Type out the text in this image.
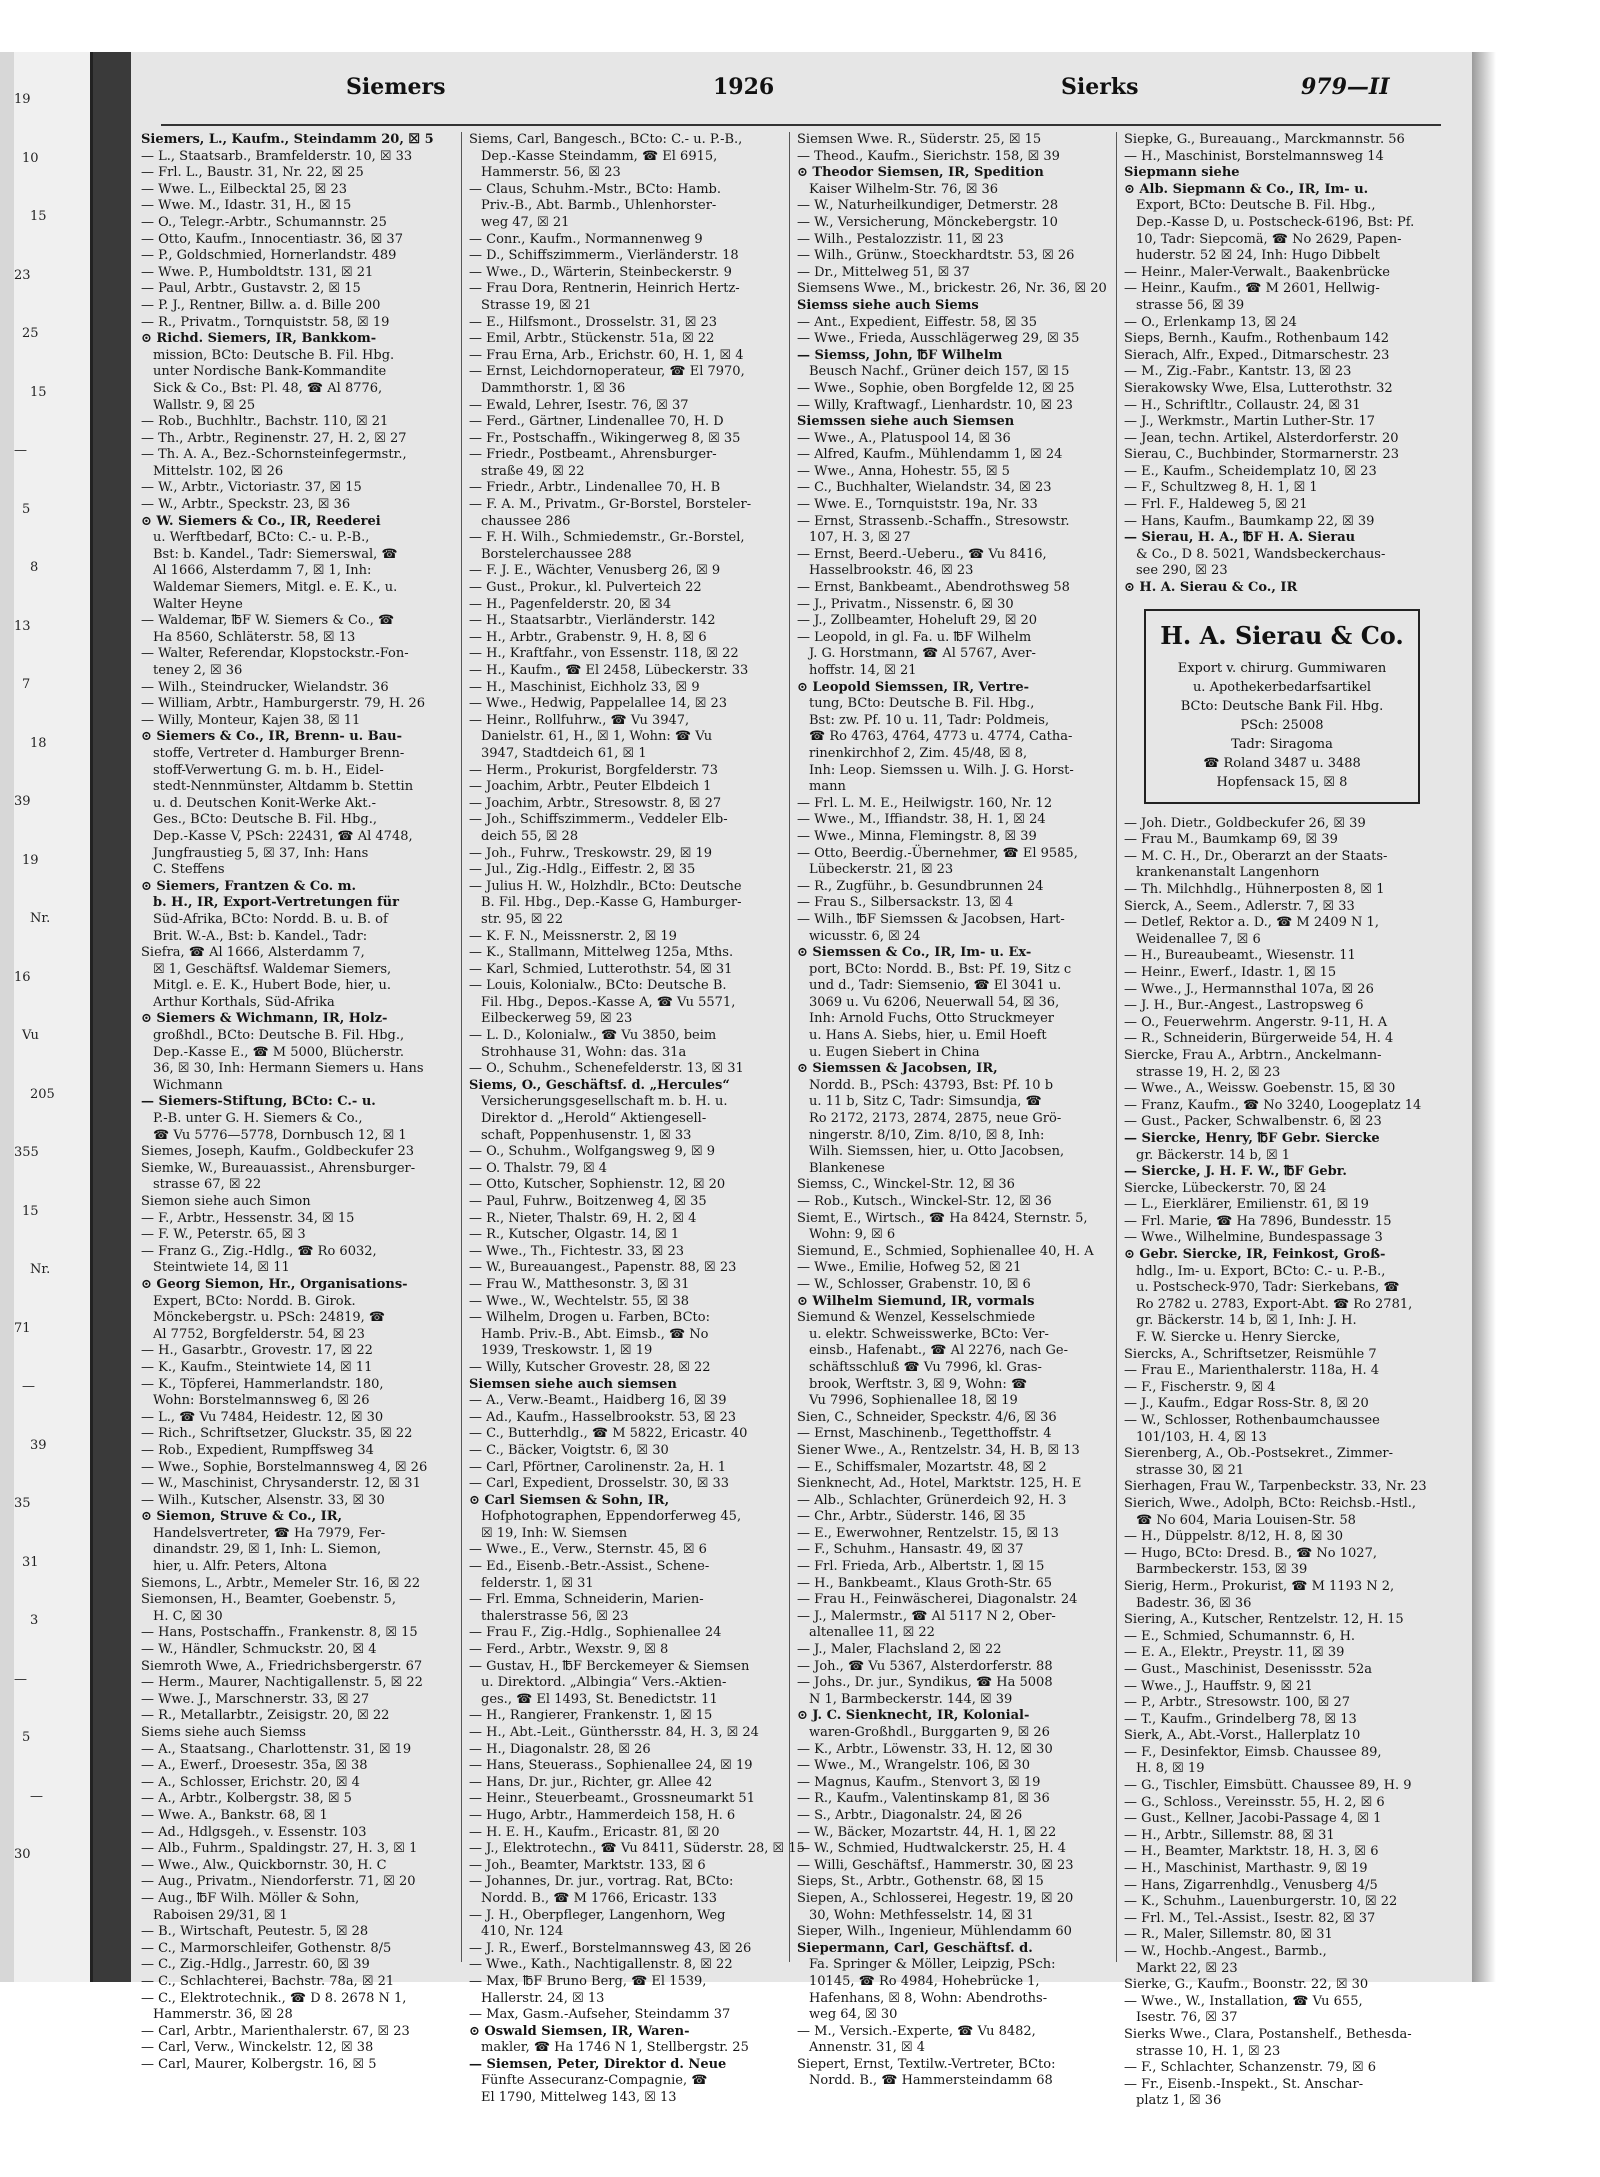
19
10
15
23
25
15
—
5
8
13
7
18
39
19
Nr.
16
Vu
205
355
15
Nr.
71
—
39
35
31
3
—
5
—
30
Siemers	1926	Sierks	979—II
Siemers, L., Kaufm., Steindamm 20, ☒ 5
— L., Staatsarb., Bramfelderstr. 10, ☒ 33
— Frl. L., Baustr. 31, Nr. 22, ☒ 25
— Wwe. L., Eilbecktal 25, ☒ 23
— Wwe. M., Idastr. 31, H., ☒ 15
— O., Telegr.-Arbtr., Schumannstr. 25
— Otto, Kaufm., Innocentiastr. 36, ☒ 37
— P., Goldschmied, Hornerlandstr. 489
— Wwe. P., Humboldtstr. 131, ☒ 21
— Paul, Arbtr., Gustavstr. 2, ☒ 15
— P. J., Rentner, Billw. a. d. Bille 200
— R., Privatm., Tornquiststr. 58, ☒ 19
⊙ Richd. Siemers, IR, Bankkom-
mission, BCto: Deutsche B. Fil. Hbg.
unter Nordische Bank-Kommandite
Sick & Co., Bst: Pl. 48, ☎ Al 8776,
Wallstr. 9, ☒ 25
— Rob., Buchhltr., Bachstr. 110, ☒ 21
— Th., Arbtr., Reginenstr. 27, H. 2, ☒ 27
— Th. A. A., Bez.-Schornsteinfegermstr.,
Mittelstr. 102, ☒ 26
— W., Arbtr., Victoriastr. 37, ☒ 15
— W., Arbtr., Speckstr. 23, ☒ 36
⊙ W. Siemers & Co., IR, Reederei
u. Werftbedarf, BCto: C.- u. P.-B.,
Bst: b. Kandel., Tadr: Siemerswal, ☎
Al 1666, Alsterdamm 7, ☒ 1, Inh:
Waldemar Siemers, Mitgl. e. E. K., u.
Walter Heyne
— Waldemar, ℔F W. Siemers & Co., ☎
Ha 8560, Schläterstr. 58, ☒ 13
— Walter, Referendar, Klopstockstr.-Fon-
teney 2, ☒ 36
— Wilh., Steindrucker, Wielandstr. 36
— William, Arbtr., Hamburgerstr. 79, H. 26
— Willy, Monteur, Kajen 38, ☒ 11
⊙ Siemers & Co., IR, Brenn- u. Bau-
stoffe, Vertreter d. Hamburger Brenn-
stoff-Verwertung G. m. b. H., Eidel-
stedt-Nennmünster, Altdamm b. Stettin
u. d. Deutschen Konit-Werke Akt.-
Ges., BCto: Deutsche B. Fil. Hbg.,
Dep.-Kasse V, PSch: 22431, ☎ Al 4748,
Jungfraustieg 5, ☒ 37, Inh: Hans
C. Steffens
⊙ Siemers, Frantzen & Co. m.
b. H., IR, Export-Vertretungen für
Süd-Afrika, BCto: Nordd. B. u. B. of
Brit. W.-A., Bst: b. Kandel., Tadr:
Siefra, ☎ Al 1666, Alsterdamm 7,
☒ 1, Geschäftsf. Waldemar Siemers,
Mitgl. e. E. K., Hubert Bode, hier, u.
Arthur Korthals, Süd-Afrika
⊙ Siemers & Wichmann, IR, Holz-
großhdl., BCto: Deutsche B. Fil. Hbg.,
Dep.-Kasse E., ☎ M 5000, Blücherstr.
36, ☒ 30, Inh: Hermann Siemers u. Hans
Wichmann
— Siemers-Stiftung, BCto: C.- u.
P.-B. unter G. H. Siemers & Co.,
☎ Vu 5776—5778, Dornbusch 12, ☒ 1
Siemes, Joseph, Kaufm., Goldbeckufer 23
Siemke, W., Bureauassist., Ahrensburger-
strasse 67, ☒ 22
Siemon siehe auch Simon
— F., Arbtr., Hessenstr. 34, ☒ 15
— F. W., Peterstr. 65, ☒ 3
— Franz G., Zig.-Hdlg., ☎ Ro 6032,
Steintwiete 14, ☒ 11
⊙ Georg Siemon, Hr., Organisations-
Expert, BCto: Nordd. B. Girok.
Mönckebergstr. u. PSch: 24819, ☎
Al 7752, Borgfelderstr. 54, ☒ 23
— H., Gasarbtr., Grovestr. 17, ☒ 22
— K., Kaufm., Steintwiete 14, ☒ 11
— K., Töpferei, Hammerlandstr. 180,
Wohn: Borstelmannsweg 6, ☒ 26
— L., ☎ Vu 7484, Heidestr. 12, ☒ 30
— Rich., Schriftsetzer, Gluckstr. 35, ☒ 22
— Rob., Expedient, Rumpffsweg 34
— Wwe., Sophie, Borstelmannsweg 4, ☒ 26
— W., Maschinist, Chrysanderstr. 12, ☒ 31
— Wilh., Kutscher, Alsenstr. 33, ☒ 30
⊙ Siemon, Struve & Co., IR,
Handelsvertreter, ☎ Ha 7979, Fer-
dinandstr. 29, ☒ 1, Inh: L. Siemon,
hier, u. Alfr. Peters, Altona
Siemons, L., Arbtr., Memeler Str. 16, ☒ 22
Siemonsen, H., Beamter, Goebenstr. 5,
H. C, ☒ 30
— Hans, Postschaffn., Frankenstr. 8, ☒ 15
— W., Händler, Schmuckstr. 20, ☒ 4
Siemroth Wwe, A., Friedrichsbergerstr. 67
— Herm., Maurer, Nachtigallenstr. 5, ☒ 22
— Wwe. J., Marschnerstr. 33, ☒ 27
— R., Metallarbtr., Zeisigstr. 20, ☒ 22
Siems siehe auch Siemss
— A., Staatsang., Charlottenstr. 31, ☒ 19
— A., Ewerf., Droesestr. 35a, ☒ 38
— A., Schlosser, Erichstr. 20, ☒ 4
— A., Arbtr., Kolbergstr. 38, ☒ 5
— Wwe. A., Bankstr. 68, ☒ 1
— Ad., Hdlgsgeh., v. Essenstr. 103
— Alb., Fuhrm., Spaldingstr. 27, H. 3, ☒ 1
— Wwe., Alw., Quickbornstr. 30, H. C
— Aug., Privatm., Niendorferstr. 71, ☒ 20
— Aug., ℔F Wilh. Möller & Sohn,
Raboisen 29/31, ☒ 1
— B., Wirtschaft, Peutestr. 5, ☒ 28
— C., Marmorschleifer, Gothenstr. 8/5
— C., Zig.-Hdlg., Jarrestr. 60, ☒ 39
— C., Schlachterei, Bachstr. 78a, ☒ 21
— C., Elektrotechnik., ☎ D 8. 2678 N 1,
Hammerstr. 36, ☒ 28
— Carl, Arbtr., Marienthalerstr. 67, ☒ 23
— Carl, Verw., Winckelstr. 12, ☒ 38
— Carl, Maurer, Kolbergstr. 16, ☒ 5
Siems, Carl, Bangesch., BCto: C.- u. P.-B.,
Dep.-Kasse Steindamm, ☎ El 6915,
Hammerstr. 56, ☒ 23
— Claus, Schuhm.-Mstr., BCto: Hamb.
Priv.-B., Abt. Barmb., Uhlenhorster-
weg 47, ☒ 21
— Conr., Kaufm., Normannenweg 9
— D., Schiffszimmerm., Vierländerstr. 18
— Wwe., D., Wärterin, Steinbeckerstr. 9
— Frau Dora, Rentnerin, Heinrich Hertz-
Strasse 19, ☒ 21
— E., Hilfsmont., Drosselstr. 31, ☒ 23
— Emil, Arbtr., Stückenstr. 51a, ☒ 22
— Frau Erna, Arb., Erichstr. 60, H. 1, ☒ 4
— Ernst, Leichdornoperateur, ☎ El 7970,
Dammthorstr. 1, ☒ 36
— Ewald, Lehrer, Isestr. 76, ☒ 37
— Ferd., Gärtner, Lindenallee 70, H. D
— Fr., Postschaffn., Wikingerweg 8, ☒ 35
— Friedr., Postbeamt., Ahrensburger-
straße 49, ☒ 22
— Friedr., Arbtr., Lindenallee 70, H. B
— F. A. M., Privatm., Gr-Borstel, Borsteler-
chaussee 286
— F. H. Wilh., Schmiedemstr., Gr.-Borstel,
Borstelerchaussee 288
— F. J. E., Wächter, Venusberg 26, ☒ 9
— Gust., Prokur., kl. Pulverteich 22
— H., Pagenfelderstr. 20, ☒ 34
— H., Staatsarbtr., Vierländerstr. 142
— H., Arbtr., Grabenstr. 9, H. 8, ☒ 6
— H., Kraftfahr., von Essenstr. 118, ☒ 22
— H., Kaufm., ☎ El 2458, Lübeckerstr. 33
— H., Maschinist, Eichholz 33, ☒ 9
— Wwe., Hedwig, Pappelallee 14, ☒ 23
— Heinr., Rollfuhrw., ☎ Vu 3947,
Danielstr. 61, H., ☒ 1, Wohn: ☎ Vu
3947, Stadtdeich 61, ☒ 1
— Herm., Prokurist, Borgfelderstr. 73
— Joachim, Arbtr., Peuter Elbdeich 1
— Joachim, Arbtr., Stresowstr. 8, ☒ 27
— Joh., Schiffszimmerm., Veddeler Elb-
deich 55, ☒ 28
— Joh., Fuhrw., Treskowstr. 29, ☒ 19
— Jul., Zig.-Hdlg., Eiffestr. 2, ☒ 35
— Julius H. W., Holzhdlr., BCto: Deutsche
B. Fil. Hbg., Dep.-Kasse G, Hamburger-
str. 95, ☒ 22
— K. F. N., Meissnerstr. 2, ☒ 19
— K., Stallmann, Mittelweg 125a, Mths.
— Karl, Schmied, Lutterothstr. 54, ☒ 31
— Louis, Kolonialw., BCto: Deutsche B.
Fil. Hbg., Depos.-Kasse A, ☎ Vu 5571,
Eilbeckerweg 59, ☒ 23
— L. D., Kolonialw., ☎ Vu 3850, beim
Strohhause 31, Wohn: das. 31a
— O., Schuhm., Schenefelderstr. 13, ☒ 31
Siems, O., Geschäftsf. d. „Hercules“
Versicherungsgesellschaft m. b. H. u.
Direktor d. „Herold“ Aktiengesell-
schaft, Poppenhusenstr. 1, ☒ 33
— O., Schuhm., Wolfgangsweg 9, ☒ 9
— O. Thalstr. 79, ☒ 4
— Otto, Kutscher, Sophienstr. 12, ☒ 20
— Paul, Fuhrw., Boitzenweg 4, ☒ 35
— R., Nieter, Thalstr. 69, H. 2, ☒ 4
— R., Kutscher, Olgastr. 14, ☒ 1
— Wwe., Th., Fichtestr. 33, ☒ 23
— W., Bureauangest., Papenstr. 88, ☒ 23
— Frau W., Matthesonstr. 3, ☒ 31
— Wwe., W., Wechtelstr. 55, ☒ 38
— Wilhelm, Drogen u. Farben, BCto:
Hamb. Priv.-B., Abt. Eimsb., ☎ No
1939, Treskowstr. 1, ☒ 19
— Willy, Kutscher Grovestr. 28, ☒ 22
Siemsen siehe auch siemsen
— A., Verw.-Beamt., Haidberg 16, ☒ 39
— Ad., Kaufm., Hasselbrookstr. 53, ☒ 23
— C., Butterhdlg., ☎ M 5822, Ericastr. 40
— C., Bäcker, Voigtstr. 6, ☒ 30
— Carl, Pförtner, Carolinenstr. 2a, H. 1
— Carl, Expedient, Drosselstr. 30, ☒ 33
⊙ Carl Siemsen & Sohn, IR,
Hofphotographen, Eppendorferweg 45,
☒ 19, Inh: W. Siemsen
— Wwe., E., Verw., Sternstr. 45, ☒ 6
— Ed., Eisenb.-Betr.-Assist., Schene-
felderstr. 1, ☒ 31
— Frl. Emma, Schneiderin, Marien-
thalerstrasse 56, ☒ 23
— Frau F., Zig.-Hdlg., Sophienallee 24
— Ferd., Arbtr., Wexstr. 9, ☒ 8
— Gustav, H., ℔F Berckemeyer & Siemsen
u. Direktord. „Albingia“ Vers.-Aktien-
ges., ☎ El 1493, St. Benedictstr. 11
— H., Rangierer, Frankenstr. 1, ☒ 15
— H., Abt.-Leit., Günthersstr. 84, H. 3, ☒ 24
— H., Diagonalstr. 28, ☒ 26
— Hans, Steuerass., Sophienallee 24, ☒ 19
— Hans, Dr. jur., Richter, gr. Allee 42
— Heinr., Steuerbeamt., Grossneumarkt 51
— Hugo, Arbtr., Hammerdeich 158, H. 6
— H. E. H., Kaufm., Ericastr. 81, ☒ 20
— J., Elektrotechn., ☎ Vu 8411, Süderstr. 28, ☒ 15
— Joh., Beamter, Marktstr. 133, ☒ 6
— Johannes, Dr. jur., vortrag. Rat, BCto:
Nordd. B., ☎ M 1766, Ericastr. 133
— J. H., Oberpfleger, Langenhorn, Weg
410, Nr. 124
— J. R., Ewerf., Borstelmannsweg 43, ☒ 26
— Wwe., Kath., Nachtigallenstr. 8, ☒ 22
— Max, ℔F Bruno Berg, ☎ El 1539,
Hallerstr. 24, ☒ 13
— Max, Gasm.-Aufseher, Steindamm 37
⊙ Oswald Siemsen, IR, Waren-
makler, ☎ Ha 1746 N 1, Stellbergstr. 25
— Siemsen, Peter, Direktor d. Neue
Fünfte Assecuranz-Compagnie, ☎
El 1790, Mittelweg 143, ☒ 13
Siemsen Wwe. R., Süderstr. 25, ☒ 15
— Theod., Kaufm., Sierichstr. 158, ☒ 39
⊙ Theodor Siemsen, IR, Spedition
Kaiser Wilhelm-Str. 76, ☒ 36
— W., Naturheilkundiger, Detmerstr. 28
— W., Versicherung, Mönckebergstr. 10
— Wilh., Pestalozzistr. 11, ☒ 23
— Wilh., Grünw., Stoeckhardtstr. 53, ☒ 26
— Dr., Mittelweg 51, ☒ 37
Siemsens Wwe., M., brickestr. 26, Nr. 36, ☒ 20
Siemss siehe auch Siems
— Ant., Expedient, Eiffestr. 58, ☒ 35
— Wwe., Frieda, Ausschlägerweg 29, ☒ 35
— Siemss, John, ℔F Wilhelm
Beusch Nachf., Grüner deich 157, ☒ 15
— Wwe., Sophie, oben Borgfelde 12, ☒ 25
— Willy, Kraftwagf., Lienhardstr. 10, ☒ 23
Siemssen siehe auch Siemsen
— Wwe., A., Platuspool 14, ☒ 36
— Alfred, Kaufm., Mühlendamm 1, ☒ 24
— Wwe., Anna, Hohestr. 55, ☒ 5
— C., Buchhalter, Wielandstr. 34, ☒ 23
— Wwe. E., Tornquiststr. 19a, Nr. 33
— Ernst, Strassenb.-Schaffn., Stresowstr.
107, H. 3, ☒ 27
— Ernst, Beerd.-Ueberu., ☎ Vu 8416,
Hasselbrookstr. 46, ☒ 23
— Ernst, Bankbeamt., Abendrothsweg 58
— J., Privatm., Nissenstr. 6, ☒ 30
— J., Zollbeamter, Hoheluft 29, ☒ 20
— Leopold, in gl. Fa. u. ℔F Wilhelm
J. G. Horstmann, ☎ Al 5767, Aver-
hoffstr. 14, ☒ 21
⊙ Leopold Siemssen, IR, Vertre-
tung, BCto: Deutsche B. Fil. Hbg.,
Bst: zw. Pf. 10 u. 11, Tadr: Poldmeis,
☎ Ro 4763, 4764, 4773 u. 4774, Catha-
rinenkirchhof 2, Zim. 45/48, ☒ 8,
Inh: Leop. Siemssen u. Wilh. J. G. Horst-
mann
— Frl. L. M. E., Heilwigstr. 160, Nr. 12
— Wwe., M., Iffiandstr. 38, H. 1, ☒ 24
— Wwe., Minna, Flemingstr. 8, ☒ 39
— Otto, Beerdig.-Übernehmer, ☎ El 9585,
Lübeckerstr. 21, ☒ 23
— R., Zugführ., b. Gesundbrunnen 24
— Frau S., Silbersackstr. 13, ☒ 4
— Wilh., ℔F Siemssen & Jacobsen, Hart-
wicusstr. 6, ☒ 24
⊙ Siemssen & Co., IR, Im- u. Ex-
port, BCto: Nordd. B., Bst: Pf. 19, Sitz c
und d., Tadr: Siemsenio, ☎ El 3041 u.
3069 u. Vu 6206, Neuerwall 54, ☒ 36,
Inh: Arnold Fuchs, Otto Struckmeyer
u. Hans A. Siebs, hier, u. Emil Hoeft
u. Eugen Siebert in China
⊙ Siemssen & Jacobsen, IR,
Nordd. B., PSch: 43793, Bst: Pf. 10 b
u. 11 b, Sitz C, Tadr: Simsundja, ☎
Ro 2172, 2173, 2874, 2875, neue Grö-
ningerstr. 8/10, Zim. 8/10, ☒ 8, Inh:
Wilh. Siemssen, hier, u. Otto Jacobsen,
Blankenese
Siemss, C., Winckel-Str. 12, ☒ 36
— Rob., Kutsch., Winckel-Str. 12, ☒ 36
Siemt, E., Wirtsch., ☎ Ha 8424, Sternstr. 5,
Wohn: 9, ☒ 6
Siemund, E., Schmied, Sophienallee 40, H. A
— Wwe., Emilie, Hofweg 52, ☒ 21
— W., Schlosser, Grabenstr. 10, ☒ 6
⊙ Wilhelm Siemund, IR, vormals
Siemund & Wenzel, Kesselschmiede
u. elektr. Schweisswerke, BCto: Ver-
einsb., Hafenabt., ☎ Al 2276, nach Ge-
schäftsschluß ☎ Vu 7996, kl. Gras-
brook, Werftstr. 3, ☒ 9, Wohn: ☎
Vu 7996, Sophienallee 18, ☒ 19
Sien, C., Schneider, Speckstr. 4/6, ☒ 36
— Ernst, Maschinenb., Tegetthoffstr. 4
Siener Wwe., A., Rentzelstr. 34, H. B, ☒ 13
— E., Schiffsmaler, Mozartstr. 48, ☒ 2
Sienknecht, Ad., Hotel, Marktstr. 125, H. E
— Alb., Schlachter, Grünerdeich 92, H. 3
— Chr., Arbtr., Süderstr. 146, ☒ 35
— E., Ewerwohner, Rentzelstr. 15, ☒ 13
— F., Schuhm., Hansastr. 49, ☒ 37
— Frl. Frieda, Arb., Albertstr. 1, ☒ 15
— H., Bankbeamt., Klaus Groth-Str. 65
— Frau H., Feinwäscherei, Diagonalstr. 24
— J., Malermstr., ☎ Al 5117 N 2, Ober-
altenallee 11, ☒ 22
— J., Maler, Flachsland 2, ☒ 22
— Joh., ☎ Vu 5367, Alsterdorferstr. 88
— Johs., Dr. jur., Syndikus, ☎ Ha 5008
N 1, Barmbeckerstr. 144, ☒ 39
⊙ J. C. Sienknecht, IR, Kolonial-
waren-Großhdl., Burggarten 9, ☒ 26
— K., Arbtr., Löwenstr. 33, H. 12, ☒ 30
— Wwe., M., Wrangelstr. 106, ☒ 30
— Magnus, Kaufm., Stenvort 3, ☒ 19
— R., Kaufm., Valentinskamp 81, ☒ 36
— S., Arbtr., Diagonalstr. 24, ☒ 26
— W., Bäcker, Mozartstr. 44, H. 1, ☒ 22
— W., Schmied, Hudtwalckerstr. 25, H. 4
— Willi, Geschäftsf., Hammerstr. 30, ☒ 23
Sieps, St., Arbtr., Gothenstr. 68, ☒ 15
Siepen, A., Schlosserei, Hegestr. 19, ☒ 20
30, Wohn: Methfesselstr. 14, ☒ 31
Sieper, Wilh., Ingenieur, Mühlendamm 60
Siepermann, Carl, Geschäftsf. d.
Fa. Springer & Möller, Leipzig, PSch:
10145, ☎ Ro 4984, Hohebrücke 1,
Hafenhans, ☒ 8, Wohn: Abendroths-
weg 64, ☒ 30
— M., Versich.-Experte, ☎ Vu 8482,
Annenstr. 31, ☒ 4
Siepert, Ernst, Textilw.-Vertreter, BCto:
Nordd. B., ☎ Hammersteindamm 68
Siepke, G., Bureauang., Marckmannstr. 56
— H., Maschinist, Borstelmannsweg 14
Siepmann siehe
⊙ Alb. Siepmann & Co., IR, Im- u.
Export, BCto: Deutsche B. Fil. Hbg.,
Dep.-Kasse D, u. Postscheck-6196, Bst: Pf.
10, Tadr: Siepcomä, ☎ No 2629, Papen-
huderstr. 52 ☒ 24, Inh: Hugo Dibbelt
— Heinr., Maler-Verwalt., Baakenbrücke
— Heinr., Kaufm., ☎ M 2601, Hellwig-
strasse 56, ☒ 39
— O., Erlenkamp 13, ☒ 24
Sieps, Bernh., Kaufm., Rothenbaum 142
Sierach, Alfr., Exped., Ditmarschestr. 23
— M., Zig.-Fabr., Kantstr. 13, ☒ 23
Sierakowsky Wwe, Elsa, Lutterothstr. 32
— H., Schriftltr., Collaustr. 24, ☒ 31
— J., Werkmstr., Martin Luther-Str. 17
— Jean, techn. Artikel, Alsterdorferstr. 20
Sierau, C., Buchbinder, Stormarnerstr. 23
— E., Kaufm., Scheidemplatz 10, ☒ 23
— F., Schultzweg 8, H. 1, ☒ 1
— Frl. F., Haldeweg 5, ☒ 21
— Hans, Kaufm., Baumkamp 22, ☒ 39
— Sierau, H. A., ℔F H. A. Sierau
& Co., D 8. 5021, Wandsbeckerchaus-
see 290, ☒ 23
⊙ H. A. Sierau & Co., IR
H. A. Sierau & Co.
Export v. chirurg. Gummiwaren
u. Apothekerbedarfsartikel
BCto: Deutsche Bank Fil. Hbg.
PSch: 25008
Tadr: Siragoma
☎ Roland 3487 u. 3488
Hopfensack 15, ☒ 8
— Joh. Dietr., Goldbeckufer 26, ☒ 39
— Frau M., Baumkamp 69, ☒ 39
— M. C. H., Dr., Oberarzt an der Staats-
krankenanstalt Langenhorn
— Th. Milchhdlg., Hühnerposten 8, ☒ 1
Sierck, A., Seem., Adlerstr. 7, ☒ 33
— Detlef, Rektor a. D., ☎ M 2409 N 1,
Weidenallee 7, ☒ 6
— H., Bureaubeamt., Wiesenstr. 11
— Heinr., Ewerf., Idastr. 1, ☒ 15
— Wwe., J., Hermannsthal 107a, ☒ 26
— J. H., Bur.-Angest., Lastropsweg 6
— O., Feuerwehrm. Angerstr. 9-11, H. A
— R., Schneiderin, Bürgerweide 54, H. 4
Siercke, Frau A., Arbtrn., Anckelmann-
strasse 19, H. 2, ☒ 23
— Wwe., A., Weissw. Goebenstr. 15, ☒ 30
— Franz, Kaufm., ☎ No 3240, Loogeplatz 14
— Gust., Packer, Schwalbenstr. 6, ☒ 23
— Siercke, Henry, ℔F Gebr. Siercke
gr. Bäckerstr. 14 b, ☒ 1
— Siercke, J. H. F. W., ℔F Gebr.
Siercke, Lübeckerstr. 70, ☒ 24
— L., Eierklärer, Emilienstr. 61, ☒ 19
— Frl. Marie, ☎ Ha 7896, Bundesstr. 15
— Wwe., Wilhelmine, Bundespassage 3
⊙ Gebr. Siercke, IR, Feinkost, Groß-
hdlg., Im- u. Export, BCto: C.- u. P.-B.,
u. Postscheck-970, Tadr: Sierkebans, ☎
Ro 2782 u. 2783, Export-Abt. ☎ Ro 2781,
gr. Bäckerstr. 14 b, ☒ 1, Inh: J. H.
F. W. Siercke u. Henry Siercke,
Siercks, A., Schriftsetzer, Reismühle 7
— Frau E., Marienthalerstr. 118a, H. 4
— F., Fischerstr. 9, ☒ 4
— J., Kaufm., Edgar Ross-Str. 8, ☒ 20
— W., Schlosser, Rothenbaumchaussee
101/103, H. 4, ☒ 13
Sierenberg, A., Ob.-Postsekret., Zimmer-
strasse 30, ☒ 21
Sierhagen, Frau W., Tarpenbeckstr. 33, Nr. 23
Sierich, Wwe., Adolph, BCto: Reichsb.-Hstl.,
☎ No 604, Maria Louisen-Str. 58
— H., Düppelstr. 8/12, H. 8, ☒ 30
— Hugo, BCto: Dresd. B., ☎ No 1027,
Barmbeckerstr. 153, ☒ 39
Sierig, Herm., Prokurist, ☎ M 1193 N 2,
Badestr. 36, ☒ 36
Siering, A., Kutscher, Rentzelstr. 12, H. 15
— E., Schmied, Schumannstr. 6, H.
— E. A., Elektr., Preystr. 11, ☒ 39
— Gust., Maschinist, Desenissstr. 52a
— Wwe., J., Hauffstr. 9, ☒ 21
— P., Arbtr., Stresowstr. 100, ☒ 27
— T., Kaufm., Grindelberg 78, ☒ 13
Sierk, A., Abt.-Vorst., Hallerplatz 10
— F., Desinfektor, Eimsb. Chaussee 89,
H. 8, ☒ 19
— G., Tischler, Eimsbütt. Chaussee 89, H. 9
— G., Schloss., Vereinsstr. 55, H. 2, ☒ 6
— Gust., Kellner, Jacobi-Passage 4, ☒ 1
— H., Arbtr., Sillemstr. 88, ☒ 31
— H., Beamter, Marktstr. 18, H. 3, ☒ 6
— H., Maschinist, Marthastr. 9, ☒ 19
— Hans, Zigarrenhdlg., Venusberg 4/5
— K., Schuhm., Lauenburgerstr. 10, ☒ 22
— Frl. M., Tel.-Assist., Isestr. 82, ☒ 37
— R., Maler, Sillemstr. 80, ☒ 31
— W., Hochb.-Angest., Barmb.,
Markt 22, ☒ 23
Sierke, G., Kaufm., Boonstr. 22, ☒ 30
— Wwe., W., Installation, ☎ Vu 655,
Isestr. 76, ☒ 37
Sierks Wwe., Clara, Postanshelf., Bethesda-
strasse 10, H. 1, ☒ 23
— F., Schlachter, Schanzenstr. 79, ☒ 6
— Fr., Eisenb.-Inspekt., St. Anschar-
platz 1, ☒ 36
